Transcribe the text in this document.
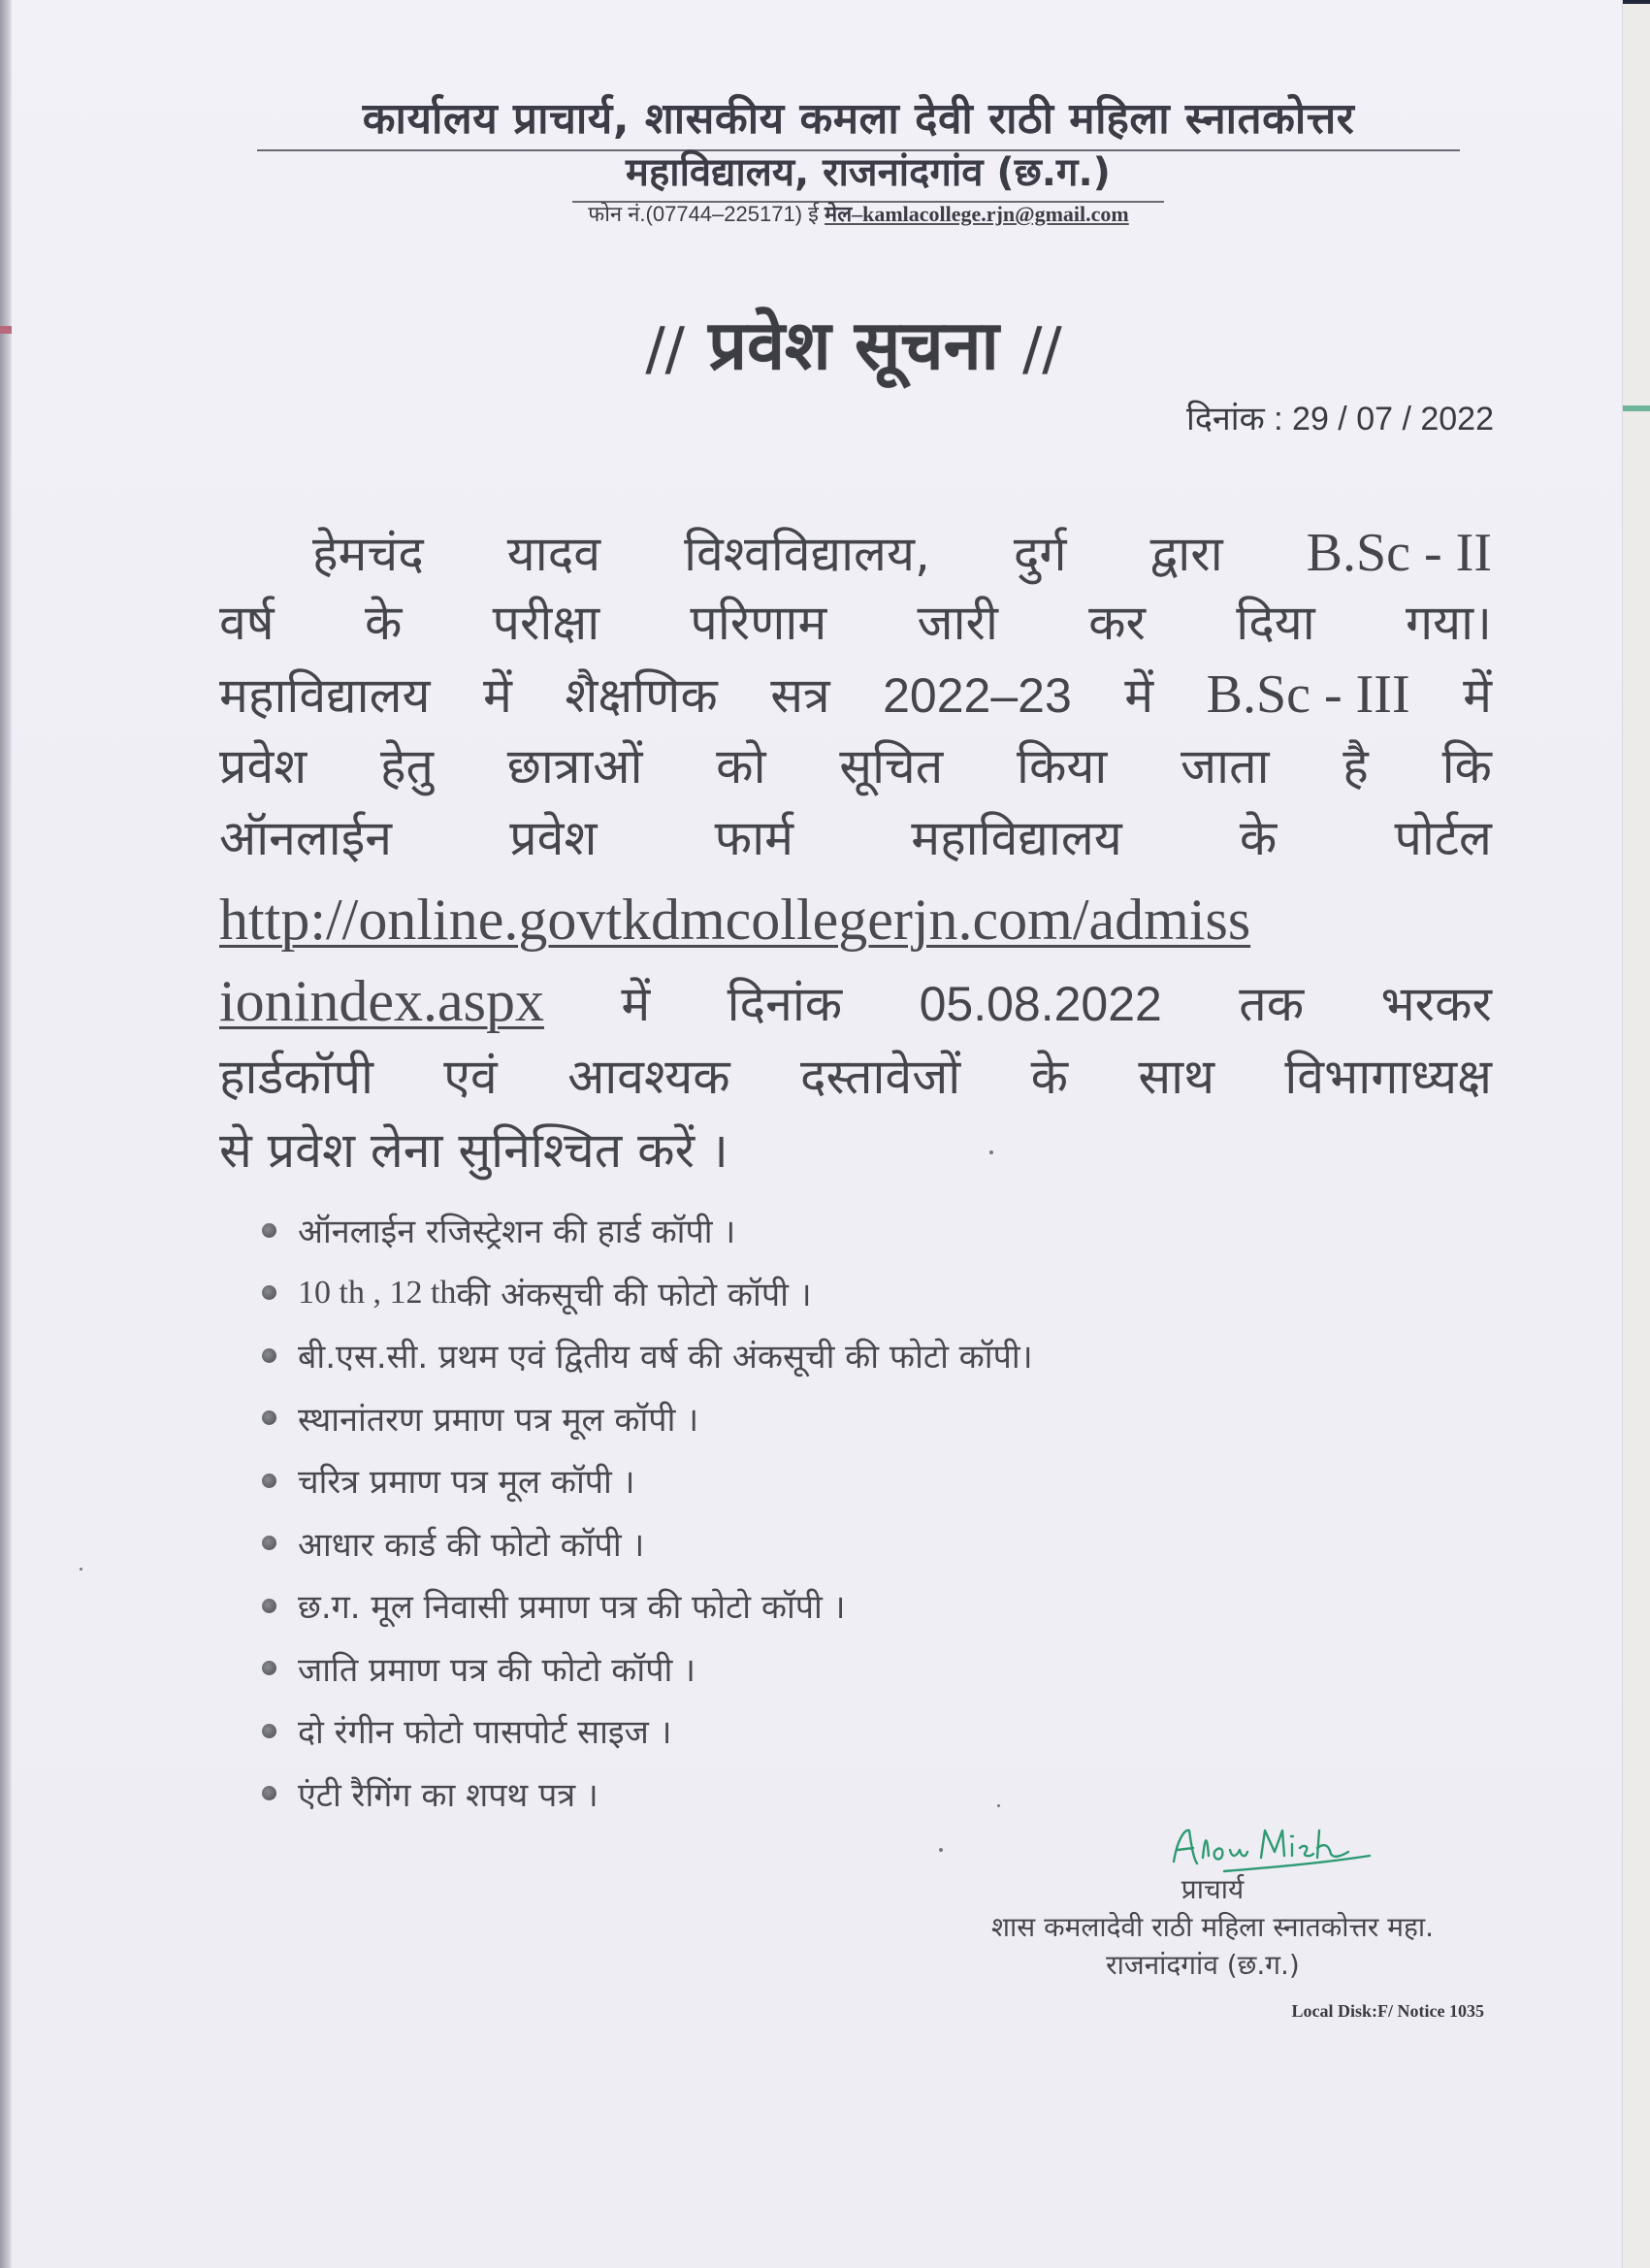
कार्यालय प्राचार्य, शासकीय कमला देवी राठी महिला स्नातकोत्तर
महाविद्यालय, राजनांदगांव (छ.ग.)
फोन नं.(07744–225171) ई मेल–kamlacollege.rjn@gmail.com
// प्रवेश सूचना //
दिनांक : 29 / 07 / 2022
हेमचंद यादव विश्वविद्यालय, दुर्ग द्वारा B.Sc - II
वर्ष के परीक्षा परिणाम जारी कर दिया गया।
महाविद्यालय में शैक्षणिक सत्र 2022–23 में B.Sc - III में
प्रवेश हेतु छात्राओं को सूचित किया जाता है कि
ऑनलाईन प्रवेश फार्म महाविद्यालय के पोर्टल
http://online.govtkdmcollegerjn.com/admiss
ionindex.aspx में दिनांक 05.08.2022 तक भरकर
हार्डकॉपी एवं आवश्यक दस्तावेजों के साथ विभागाध्यक्ष
से प्रवेश लेना सुनिश्चित करें ।
ऑनलाईन रजिस्ट्रेशन की हार्ड कॉपी ।
10 th , 12 th की अंकसूची की फोटो कॉपी ।
बी.एस.सी. प्रथम एवं द्वितीय वर्ष की अंकसूची की फोटो कॉपी।
स्थानांतरण प्रमाण पत्र मूल कॉपी ।
चरित्र प्रमाण पत्र मूल कॉपी ।
आधार कार्ड की फोटो कॉपी ।
छ.ग. मूल निवासी प्रमाण पत्र की फोटो कॉपी ।
जाति प्रमाण पत्र की फोटो कॉपी ।
दो रंगीन फोटो पासपोर्ट साइज ।
एंटी रैगिंग का शपथ पत्र ।
प्राचार्य
शास कमलादेवी राठी महिला स्नातकोत्तर महा.
राजनांदगांव (छ.ग.)
Local Disk:F/ Notice 1035
